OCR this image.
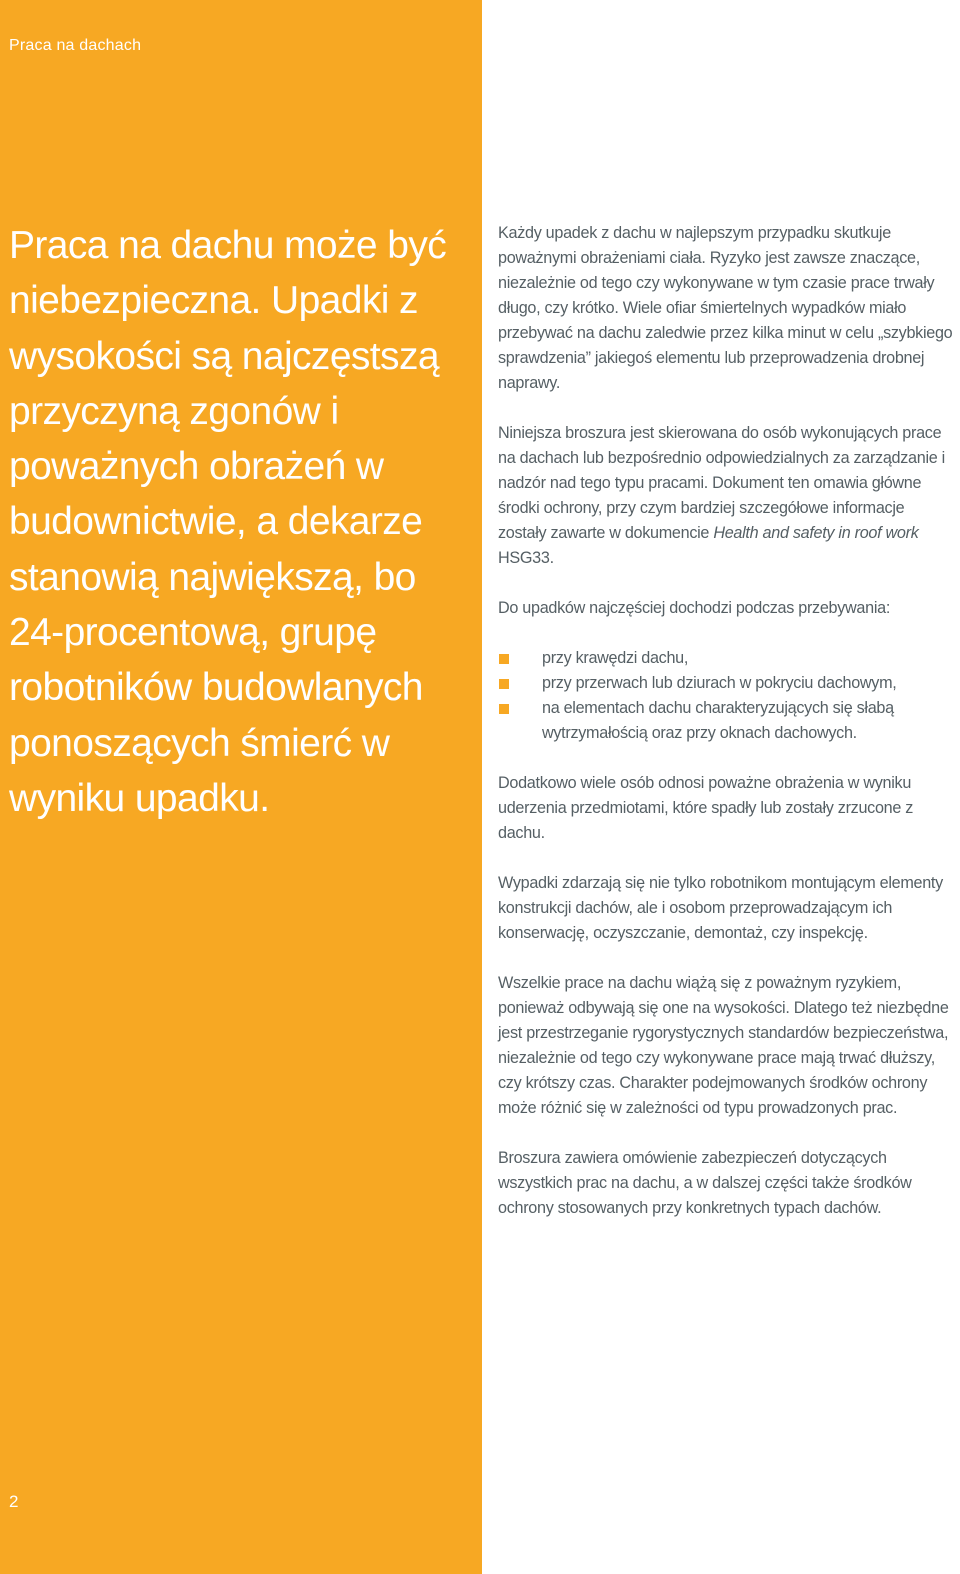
Praca na dachach
Praca na dachu może być niebezpieczna. Upadki z wysokości są najczęstszą przyczyną zgonów i poważnych obrażeń w budownictwie, a dekarze stanowią największą, bo 24-procentową, grupę robotników budowlanych ponoszących śmierć w wyniku upadku.
2

Każdy upadek z dachu w najlepszym przypadku skutkuje poważnymi obrażeniami ciała. Ryzyko jest zawsze znaczące, niezależnie od tego czy wykonywane w tym czasie prace trwały długo, czy krótko. Wiele ofiar śmiertelnych wypadków miało przebywać na dachu zaledwie przez kilka minut w celu „szybkiego sprawdzenia” jakiegoś elementu lub przeprowadzenia drobnej naprawy.

Niniejsza broszura jest skierowana do osób wykonujących prace na dachach lub bezpośrednio odpowiedzialnych za zarządzanie i nadzór nad tego typu pracami. Dokument ten omawia główne środki ochrony, przy czym bardziej szczegółowe informacje zostały zawarte w dokumencie Health and safety in roof work HSG33.

Do upadków najczęściej dochodzi podczas przebywania:

przy krawędzi dachu,
przy przerwach lub dziurach w pokryciu dachowym,
na elementach dachu charakteryzujących się słabą wytrzymałością oraz przy oknach dachowych.

Dodatkowo wiele osób odnosi poważne obrażenia w wyniku uderzenia przedmiotami, które spadły lub zostały zrzucone z dachu.

Wypadki zdarzają się nie tylko robotnikom montującym elementy konstrukcji dachów, ale i osobom przeprowadzającym ich konserwację, oczyszczanie, demontaż, czy inspekcję.

Wszelkie prace na dachu wiążą się z poważnym ryzykiem, ponieważ odbywają się one na wysokości. Dlatego też niezbędne jest przestrzeganie rygorystycznych standardów bezpieczeństwa, niezależnie od tego czy wykonywane prace mają trwać dłuższy, czy krótszy czas. Charakter podejmowanych środków ochrony może różnić się w zależności od typu prowadzonych prac.

Broszura zawiera omówienie zabezpieczeń dotyczących wszystkich prac na dachu, a w dalszej części także środków ochrony stosowanych przy konkretnych typach dachów.
